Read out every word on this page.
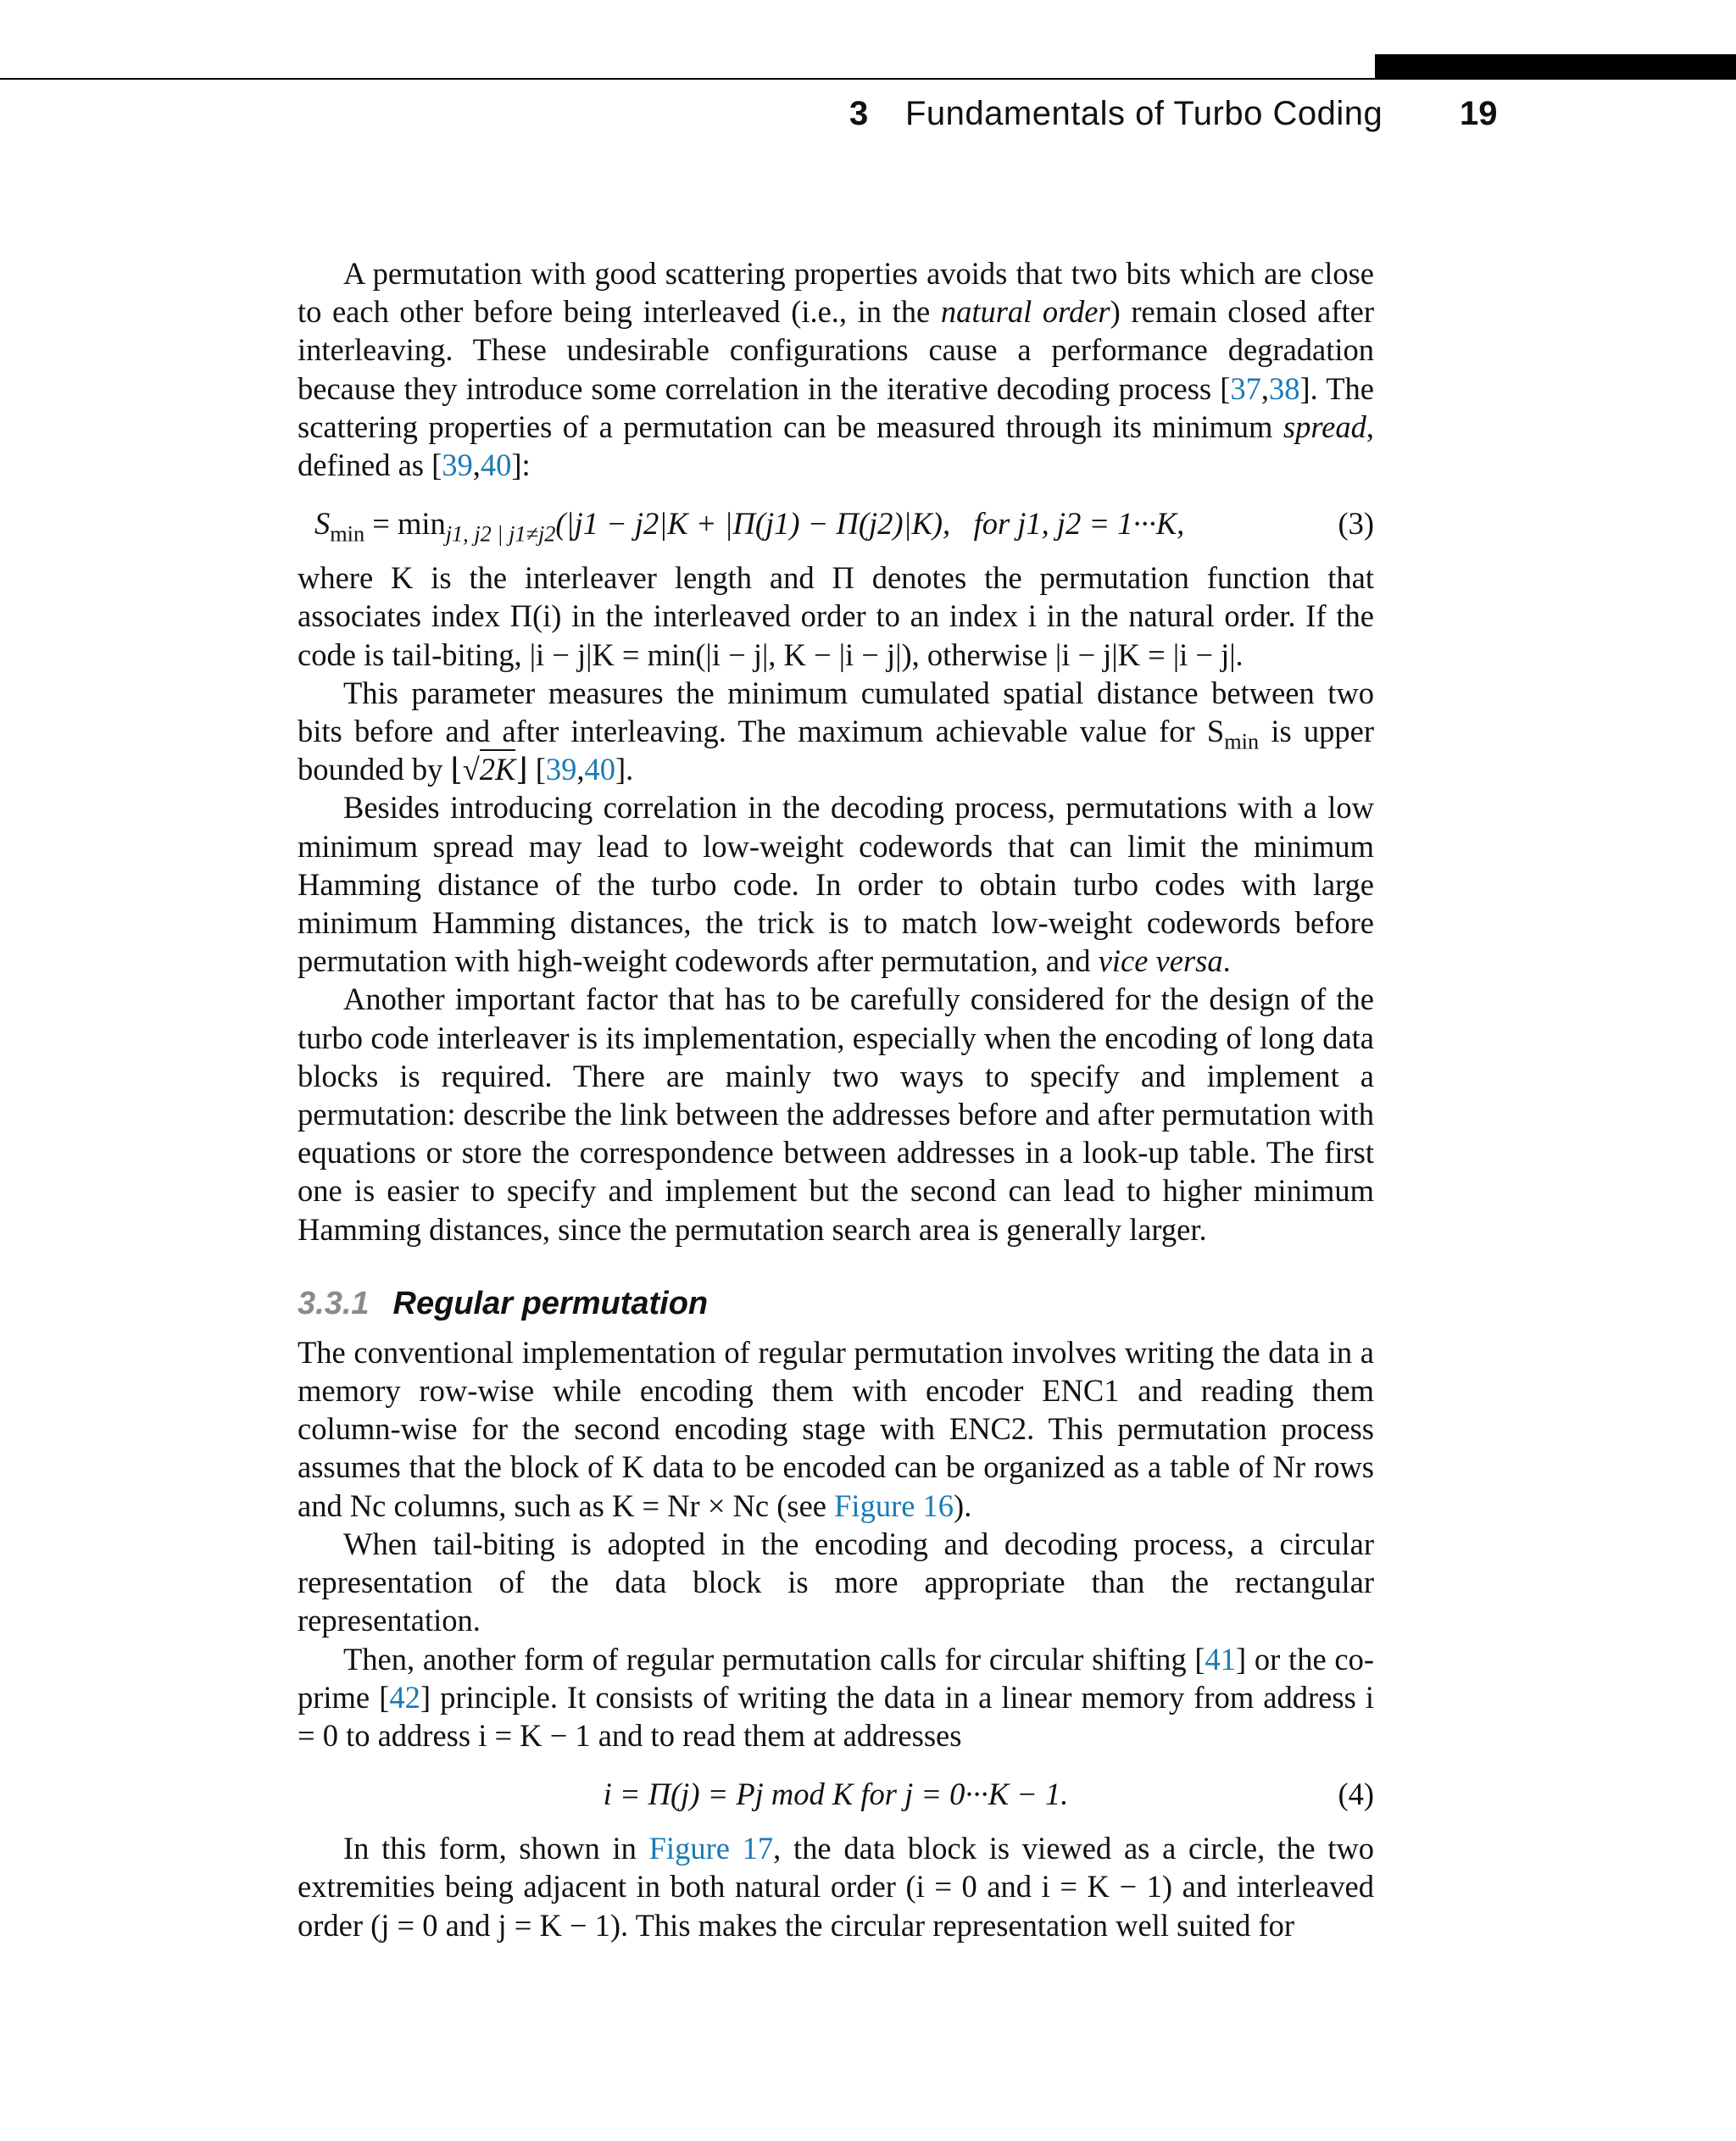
3 Fundamentals of Turbo Coding 19

A permutation with good scattering properties avoids that two bits which are close to each other before being interleaved (i.e., in the natural order) remain closed after interleaving. These undesirable configurations cause a performance degradation because they introduce some correlation in the iterative decoding process [37,38]. The scattering properties of a permutation can be measured through its minimum spread, defined as [39,40]:

$S_{min} = \min_{j1, j2 | j1\ne j2}(|j1 - j2|K + |\Pi(j1) - \Pi(j2)|K)$, for j1, j2 = 1···K,	(3)

where K is the interleaver length and Π denotes the permutation function that associates index Π(i) in the interleaved order to an index i in the natural order. If the code is tail-biting, |i − j|K = min(|i − j|, K − |i − j|), otherwise |i − j|K = |i − j|.

This parameter measures the minimum cumulated spatial distance between two bits before and after interleaving. The maximum achievable value for $S_{min}$ is upper bounded by ⌊√2K⌋ [39,40].

Besides introducing correlation in the decoding process, permutations with a low minimum spread may lead to low-weight codewords that can limit the minimum Hamming distance of the turbo code. In order to obtain turbo codes with large minimum Hamming distances, the trick is to match low-weight codewords before permutation with high-weight codewords after permutation, and vice versa.

Another important factor that has to be carefully considered for the design of the turbo code interleaver is its implementation, especially when the encoding of long data blocks is required. There are mainly two ways to specify and implement a permutation: describe the link between the addresses before and after permutation with equations or store the correspondence between addresses in a look-up table. The first one is easier to specify and implement but the second can lead to higher minimum Hamming distances, since the permutation search area is generally larger.

3.3.1 Regular permutation

The conventional implementation of regular permutation involves writing the data in a memory row-wise while encoding them with encoder ENC1 and reading them column-wise for the second encoding stage with ENC2. This permutation process assumes that the block of K data to be encoded can be organized as a table of Nr rows and Nc columns, such as K = Nr × Nc (see Figure 16).

When tail-biting is adopted in the encoding and decoding process, a circular representation of the data block is more appropriate than the rectangular representation.

Then, another form of regular permutation calls for circular shifting [41] or the co-prime [42] principle. It consists of writing the data in a linear memory from address i = 0 to address i = K − 1 and to read them at addresses

i = Π(j) = Pj mod K for j = 0···K − 1.	(4)

In this form, shown in Figure 17, the data block is viewed as a circle, the two extremities being adjacent in both natural order (i = 0 and i = K − 1) and interleaved order (j = 0 and j = K − 1). This makes the circular representation well suited for
